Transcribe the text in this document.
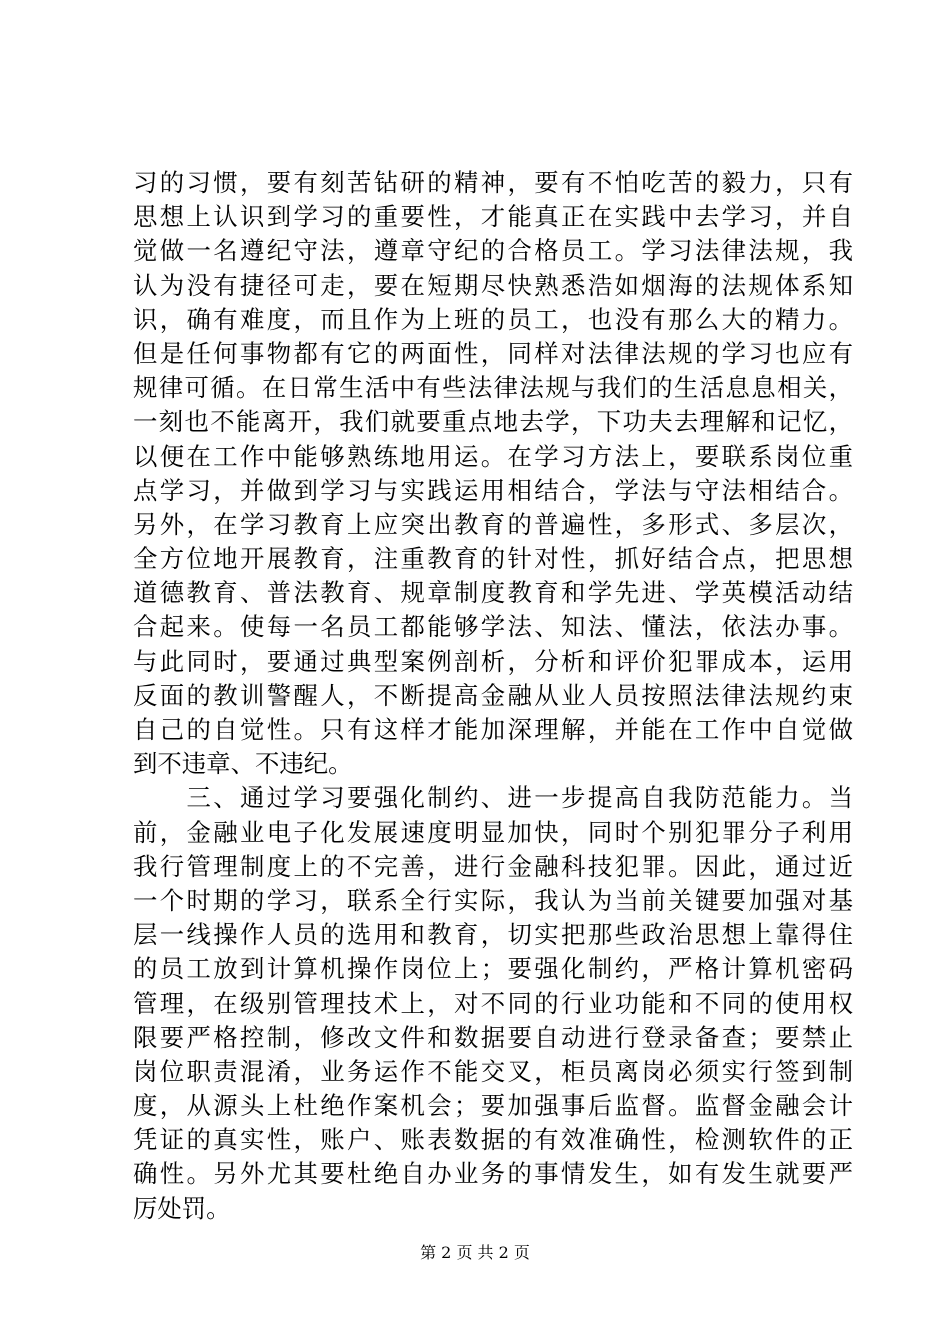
习的习惯，要有刻苦钻研的精神，要有不怕吃苦的毅力，只有
思想上认识到学习的重要性，才能真正在实践中去学习，并自
觉做一名遵纪守法，遵章守纪的合格员工。学习法律法规，我
认为没有捷径可走，要在短期尽快熟悉浩如烟海的法规体系知
识，确有难度，而且作为上班的员工，也没有那么大的精力。
但是任何事物都有它的两面性，同样对法律法规的学习也应有
规律可循。在日常生活中有些法律法规与我们的生活息息相关，
一刻也不能离开，我们就要重点地去学，下功夫去理解和记忆，
以便在工作中能够熟练地用运。在学习方法上，要联系岗位重
点学习，并做到学习与实践运用相结合，学法与守法相结合。
另外，在学习教育上应突出教育的普遍性，多形式、多层次，
全方位地开展教育，注重教育的针对性，抓好结合点，把思想
道德教育、普法教育、规章制度教育和学先进、学英模活动结
合起来。使每一名员工都能够学法、知法、懂法，依法办事。
与此同时，要通过典型案例剖析，分析和评价犯罪成本，运用
反面的教训警醒人，不断提高金融从业人员按照法律法规约束
自己的自觉性。只有这样才能加深理解，并能在工作中自觉做
到不违章、不违纪。
　　三、通过学习要强化制约、进一步提高自我防范能力。当
前，金融业电子化发展速度明显加快，同时个别犯罪分子利用
我行管理制度上的不完善，进行金融科技犯罪。因此，通过近
一个时期的学习，联系全行实际，我认为当前关键要加强对基
层一线操作人员的选用和教育，切实把那些政治思想上靠得住
的员工放到计算机操作岗位上；要强化制约，严格计算机密码
管理，在级别管理技术上，对不同的行业功能和不同的使用权
限要严格控制，修改文件和数据要自动进行登录备查；要禁止
岗位职责混淆，业务运作不能交叉，柜员离岗必须实行签到制
度，从源头上杜绝作案机会；要加强事后监督。监督金融会计
凭证的真实性，账户、账表数据的有效准确性，检测软件的正
确性。另外尤其要杜绝自办业务的事情发生，如有发生就要严
厉处罚。
第 2 页 共 2 页
